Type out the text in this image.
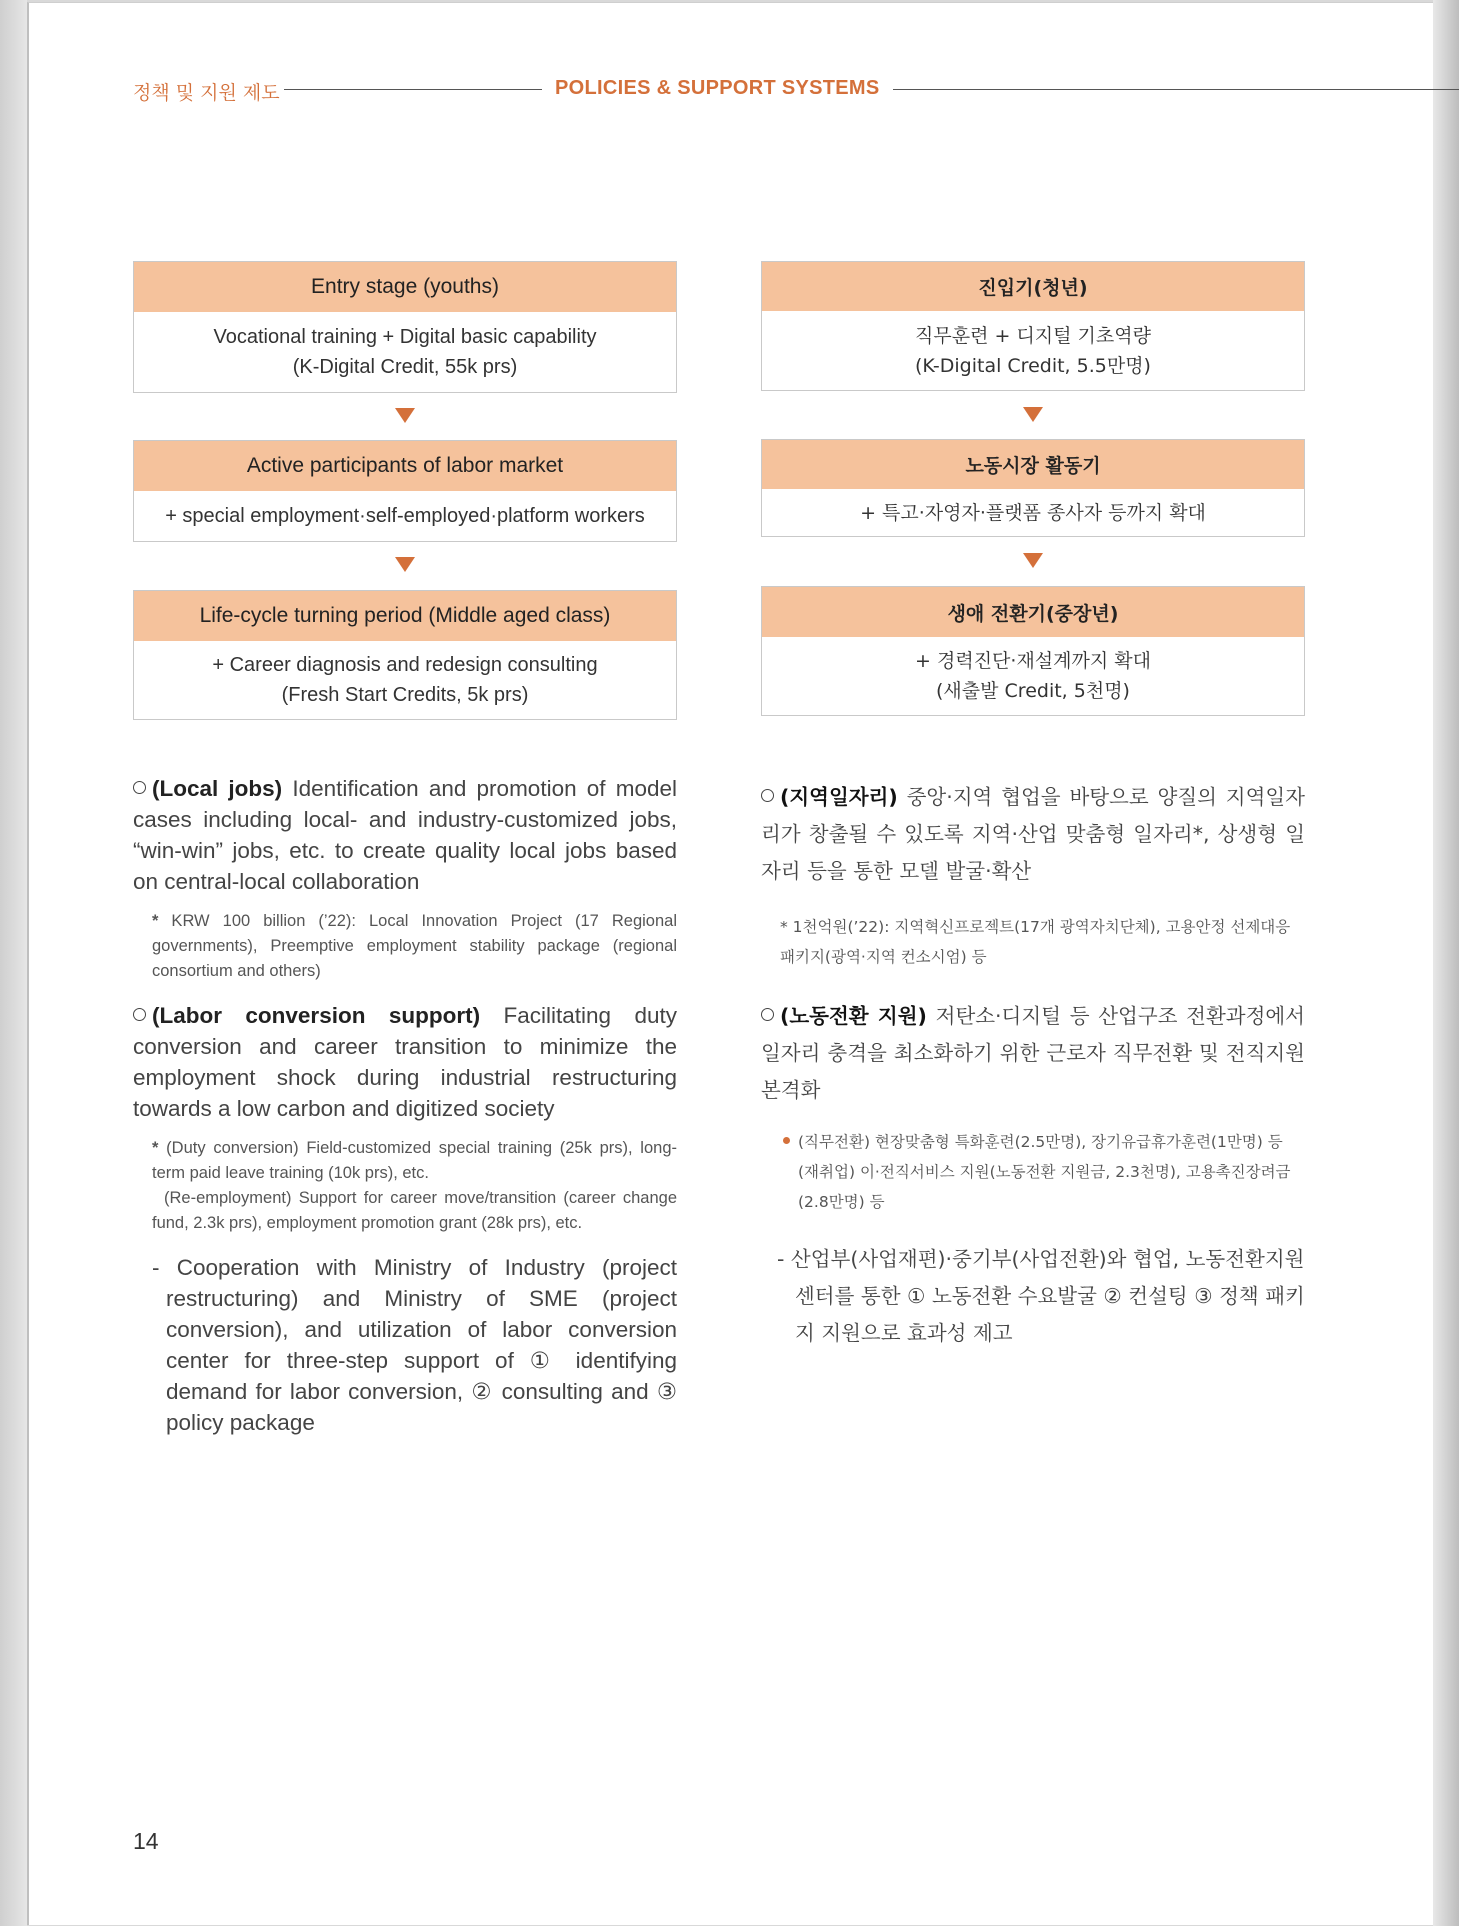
정책 및 지원 제도	POLICIES & SUPPORT SYSTEMS
Entry stage (youths)
Vocational training + Digital basic capability
(K-Digital Credit, 55k prs)
Active participants of labor market
+ special employment·self-employed·platform workers
Life-cycle turning period (Middle aged class)
+ Career diagnosis and redesign consulting
(Fresh Start Credits, 5k prs)
진입기(청년)
직무훈련 + 디지털 기초역량
(K-Digital Credit, 5.5만명)
노동시장 활동기
+ 특고·자영자·플랫폼 종사자 등까지 확대
생애 전환기(중장년)
+ 경력진단·재설계까지 확대
(새출발 Credit, 5천명)
(Local jobs) Identification and promotion of model cases including local- and industry-customized jobs, “win-win” jobs, etc. to create quality local jobs based on central-local collaboration
* KRW 100 billion (’22): Local Innovation Project (17 Regional governments), Preemptive employment stability package (regional consortium and others)
(Labor conversion support) Facilitating duty conversion and career transition to minimize the employment shock during industrial restructuring towards a low carbon and digitized society
* (Duty conversion) Field-customized special training (25k prs), long-term paid leave training (10k prs), etc.
(Re-employment) Support for career move/transition (career change fund, 2.3k prs), employment promotion grant (28k prs), etc.
- Cooperation with Ministry of Industry (project restructuring) and Ministry of SME (project conversion), and utilization of labor conversion center for three-step support of ① identifying demand for labor conversion, ② consulting and ③ policy package
(지역일자리) 중앙·지역 협업을 바탕으로 양질의 지역일자리가 창출될 수 있도록 지역·산업 맞춤형 일자리*, 상생형 일자리 등을 통한 모델 발굴·확산
* 1천억원(’22): 지역혁신프로젝트(17개 광역자치단체), 고용안정 선제대응 패키지(광역·지역 컨소시엄) 등
(노동전환 지원) 저탄소·디지털 등 산업구조 전환과정에서 일자리 충격을 최소화하기 위한 근로자 직무전환 및 전직지원 본격화
(직무전환) 현장맞춤형 특화훈련(2.5만명), 장기유급휴가훈련(1만명) 등
(재취업) 이·전직서비스 지원(노동전환 지원금, 2.3천명), 고용촉진장려금 (2.8만명) 등
- 산업부(사업재편)·중기부(사업전환)와 협업, 노동전환지원 센터를 통한 ① 노동전환 수요발굴 ② 컨설팅 ③ 정책 패키지 지원으로 효과성 제고
14
